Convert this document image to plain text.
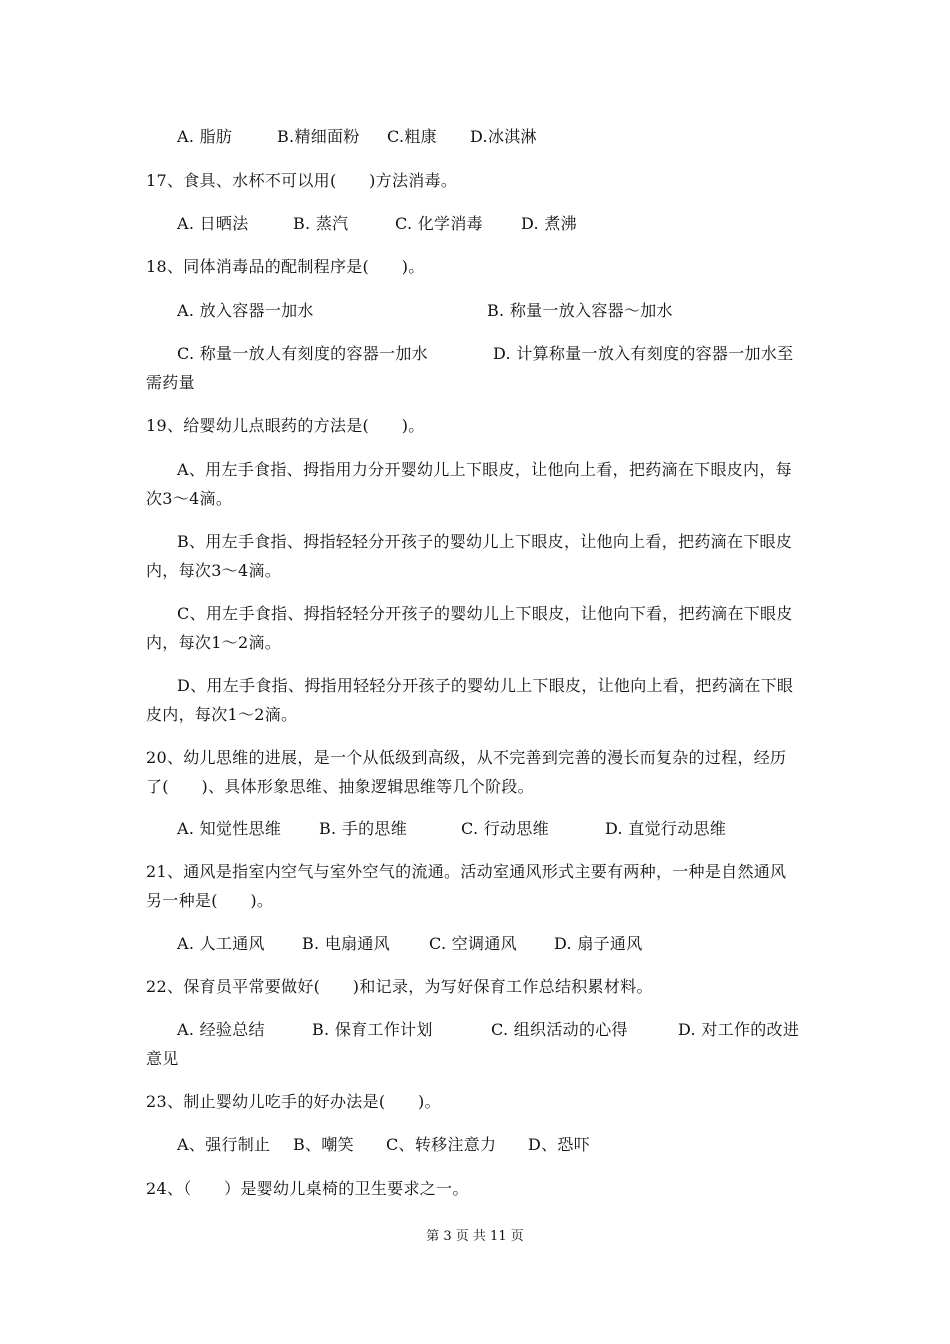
A. 脂肪	B.精细面粉 C.粗康 D.冰淇淋
17、食具、水杯不可以用(　　)方法消毒。
A. 日晒法	B. 蒸汽	C. 化学消毒 D. 煮沸
18、同体消毒品的配制程序是(　　)。
A. 放入容器一加水	B. 称量一放入容器～加水
C. 称量一放人有刻度的容器一加水	D. 计算称量一放入有刻度的容器一加水至
需药量
19、给婴幼儿点眼药的方法是(　　)。
A、用左手食指、拇指用力分开婴幼儿上下眼皮，让他向上看，把药滴在下眼皮内，每
次3～4滴。
B、用左手食指、拇指轻轻分开孩子的婴幼儿上下眼皮，让他向上看，把药滴在下眼皮
内，每次3～4滴。
C、用左手食指、拇指轻轻分开孩子的婴幼儿上下眼皮，让他向下看，把药滴在下眼皮
内，每次1～2滴。
D、用左手食指、拇指用轻轻分开孩子的婴幼儿上下眼皮，让他向上看，把药滴在下眼
皮内，每次1～2滴。
20、幼儿思维的进展，是一个从低级到高级，从不完善到完善的漫长而复杂的过程，经历
了(　　)、具体形象思维、抽象逻辑思维等几个阶段。
A. 知觉性思维 B. 手的思维	C. 行动思维	D. 直觉行动思维
21、通风是指室内空气与室外空气的流通。活动室通风形式主要有两种，一种是自然通风
另一种是(　　)。
A. 人工通风 B. 电扇通风 C. 空调通风 D. 扇子通风
22、保育员平常要做好(　　)和记录，为写好保育工作总结积累材料。
A. 经验总结	B. 保育工作计划	C. 组织活动的心得	D. 对工作的改进
意见
23、制止婴幼儿吃手的好办法是(　　)。
A、强行制止 B、嘲笑 C、转移注意力 D、恐吓
24、（　　）是婴幼儿桌椅的卫生要求之一。
第 3 页 共 11 页
